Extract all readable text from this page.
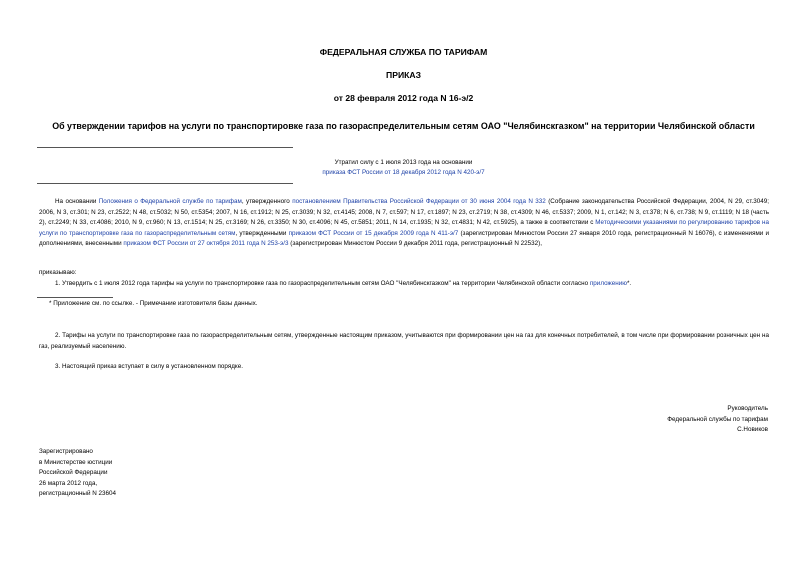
ФЕДЕРАЛЬНАЯ СЛУЖБА ПО ТАРИФАМ
ПРИКАЗ
от 28 февраля 2012 года N 16-э/2
Об утверждении тарифов на услуги по транспортировке газа по газораспределительным сетям ОАО "Челябинскгазком" на территории Челябинской области
Утратил силу с 1 июля 2013 года на основании
приказа ФСТ России от 18 декабря 2012 года N 420-э/7
На основании Положения о Федеральной службе по тарифам, утвержденного постановлением Правительства Российской Федерации от 30 июня 2004 года N 332 (Собрание законодательства Российской Федерации, 2004, N 29, ст.3049; 2006, N 3, ст.301; N 23, ст.2522; N 48, ст.5032; N 50, ст.5354; 2007, N 16, ст.1912; N 25, ст.3039; N 32, ст.4145; 2008, N 7, ст.597; N 17, ст.1897; N 23, ст.2719; N 38, ст.4309; N 46, ст.5337; 2009, N 1, ст.142; N 3, ст.378; N 6, ст.738; N 9, ст.1119; N 18 (часть 2), ст.2249; N 33, ст.4086; 2010, N 9, ст.960; N 13, ст.1514; N 25, ст.3169; N 26, ст.3350; N 30, ст.4096; N 45, ст.5851; 2011, N 14, ст.1935; N 32, ст.4831; N 42, ст.5925), а также в соответствии с Методическими указаниями по регулированию тарифов на услуги по транспортировке газа по газораспределительным сетям, утвержденными приказом ФСТ России от 15 декабря 2009 года N 411-э/7 (зарегистрирован Минюстом России 27 января 2010 года, регистрационный N 16076), с изменениями и дополнениями, внесенными приказом ФСТ России от 27 октября 2011 года N 253-э/3 (зарегистрирован Минюстом России 9 декабря 2011 года, регистрационный N 22532),
приказываю:
1. Утвердить с 1 июля 2012 года тарифы на услуги по транспортировке газа по газораспределительным сетям ОАО "Челябинскгазком" на территории Челябинской области согласно приложению*.
* Приложение см. по ссылке. - Примечание изготовителя базы данных.
2. Тарифы на услуги по транспортировке газа по газораспределительным сетям, утвержденные настоящим приказом, учитываются при формировании цен на газ для конечных потребителей, в том числе при формировании розничных цен на газ, реализуемый населению.
3. Настоящий приказ вступает в силу в установленном порядке.
Руководитель
Федеральной службы по тарифам
С.Новиков
Зарегистрировано
в Министерстве юстиции
Российской Федерации
26 марта 2012 года,
регистрационный N 23604
